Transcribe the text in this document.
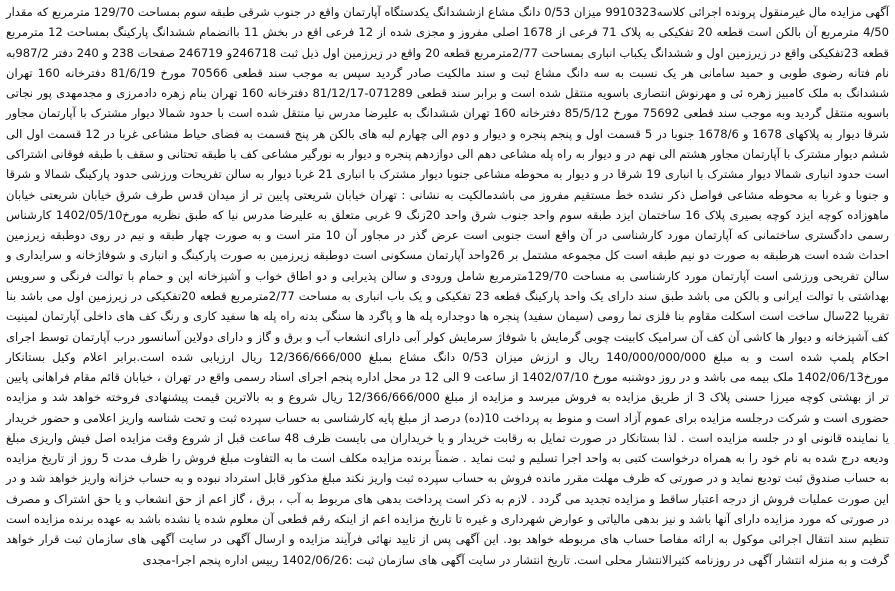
آگهی مزایده مال غیرمنقول پرونده اجرائی کلاسه9910323 میزان 0/53 دانگ مشاع ازششدانگ یکدستگاه آپارتمان واقع در جنوب شرقی طبقه سوم بمساحت 129/70 مترمربع که مقدار 4/50 مترمربع آن بالکن است قطعه 20 تفکیکی به پلاک 71 فرعی از 1678 اصلی مفروز و مجزی شده از 12 فرعی اقع در بخش 11 باانضمام ششدانگ پارکینگ بمساحت 12 مترمربع قطعه 23تفکیکی واقع در زیرزمین اول و ششدانگ یکباب انباری بمساحت 2/77مترمربع قطعه 20 واقع در زیرزمین اول ذیل ثبت 246718و 246719 صفحات 238 و 240 دفتر 987/2به نام فتانه رضوی طوبی و حمید سامانی هر یک نسبت به سه دانگ مشاع ثبت و سند مالکیت صادر گردید سپس به موجب سند قطعی 70566 مورخ 81/6/19 دفترخانه 160 تهران ششدانگ به ملک کامبیز زهره ئی و مهرنوش انتصاری باسویه منتقل شده است و برابر سند قطعی 071289-81/12/17 دفترخانه 160 تهران بنام زهره دادمرزی و مجدمهدی پور نجاتی باسویه منتقل گردید وبه موجب سند قطعی 75692 مورخ 85/5/12 دفترخانه 160 تهران ششدانگ به علیرضا مدرس نیا منتقل شده است با حدود شمالا دیوار مشترک با آپارتمان مجاور شرقا دیوار به پلاکهای 1678 و 1678/6 جنوبا در 5 قسمت اول و پنجم پنجره و دیوار و دوم الی چهارم لبه های بالکن هر پنج قسمت به فضای حیاط مشاعی غربا در 12 قسمت اول الی ششم دیوار مشترک با آپارتمان مجاور هشتم الی نهم در و دیوار به راه پله مشاعی دهم الی دوازدهم پنجره و دیوار به نورگیر مشاعی کف با طبقه تحتانی و سقف با طبقه فوقانی اشتراکی است حدود انباری شمالا دیوار مشترک با انباری 19 شرقا در و دیوار به محوطه مشاعی جنوبا دیوار مشترک با انباری 21 غربا دیوار به سالن تفریحات ورزشی حدود پارکینگ شمالا و شرقا و جنوبا و غربا به محوطه مشاعی فواصل ذکر نشده خط مستقیم مفروز می باشدمالکیت به نشانی : تهران خیابان شریعتی پایین تر از میدان قدس طرف شرق خیابان شریعتی خیابان ماهوزاده کوچه ایزد کوچه بصیری پلاک 16 ساختمان ایزد طبقه سوم واحد جنوب شرق واحد 20زنگ 9 غربی متعلق به علیرضا مدرس نیا که طبق نظریه مورخ1402/05/10 کارشناس رسمی دادگستری ساختمانی که آپارتمان مورد کارشناسی در آن واقع است جنوبی است عرض گذر در مجاور آن 10 متر است و به صورت چهار طبقه و نیم در روی دوطبقه زیرزمین احداث شده است هرطبقه به صورت دو نیم طبقه است کل مجموعه مشتمل بر 26واحد آپارتمان مسکونی است دوطبقه زیرزمین به صورت پارکینگ و انباری و شوفاژخانه و سرایداری و سالن تفریحی ورزشی است آپارتمان مورد کارشناسی به مساحت 129/70مترمربع شامل ورودی و سالن پذیرایی و دو اطاق خواب و آشپزخانه اپن و حمام با توالت فرنگی و سرویس بهداشتی با توالت ایرانی و بالکن می باشد طبق سند دارای یک واحد پارکینگ قطعه 23 تفکیکی و یک باب انباری به مساحت 2/77مترمربع قطعه 20تفکیکی در زیرزمین اول می باشد بنا تقریبا 22سال ساخت است اسکلت مقاوم بنا فلزی نما رومی (سیمان سفید) پنجره ها دوجداره پله ها و پاگرد ها سنگی بدنه راه پله ها سفید کاری و رنگ کف های داخلی آپارتمان لمینیت کف آشپزخانه و دیوار ها کاشی آن کف آن سرامیک کابینت چوبی گرمایش با شوفاژ سرمایش کولر آبی دارای انشعاب آب و برق و گاز و دارای دولاین آسانسور درب آپارتمان توسط اجرای احکام پلمپ شده است و به مبلغ 140/000/000/000 ریال و ارزش میزان 0/53 دانگ مشاع بمبلغ 12/366/666/000 ریال ارزیابی شده است.برابر اعلام وکیل بستانکار مورخ1402/06/13 ملک بیمه می باشد و در روز دوشنبه مورخ 1402/07/10 از ساعت 9 الی 12 در محل اداره پنجم اجرای اسناد رسمی واقع در تهران ، خیابان قائم مقام فراهانی پایین تر از بهشتی کوچه میرزا حسنی پلاک 3 از طریق مزایده به فروش میرسد و مزایده از مبلغ 12/366/666/000 ریال شروع و به بالاترین قیمت پیشنهادی فروخته خواهد شد و مزایده حضوری است و شرکت درجلسه مزایده برای عموم آزاد است و منوط به پرداخت 10(ده) درصد از مبلغ پایه کارشناسی به حساب سپرده ثبت و تحت شناسه واریز اعلامی و حضور خریدار یا نماینده قانونی او در جلسه مزایده است . لذا بستانکار در صورت تمایل به رقابت خریدار و یا خریداران می بایست ظرف 48 ساعت قبل از شروع وقت مزایده اصل فیش واریزی مبلغ ودیعه درج شده به نام خود را به همراه درخواست کتبی به واحد اجرا تسلیم و ثبت نماید . ضمناً برنده مزایده مکلف است ما به التفاوت مبلغ فروش را ظرف مدت 5 روز از تاریخ مزایده به حساب صندوق ثبت تودیع نماید و در صورتی که ظرف مهلت مقرر مانده فروش به حساب سپرده ثبت واریز نکند مبلغ مذکور قابل استرداد نبوده و به حساب خزانه واریز خواهد شد و در این صورت عملیات فروش از درجه اعتبار ساقط و مزایده تجدید می گردد . لازم به ذکر است پرداخت بدهی های مربوط به آب ، برق ، گاز اعم از حق انشعاب و یا حق اشتراک و مصرف در صورتی که مورد مزایده دارای آنها باشد و نیز بدهی مالیاتی و عوارض شهرداری و غیره تا تاریخ مزایده اعم از اینکه رقم قطعی آن معلوم شده یا نشده باشد به عهده برنده مزایده است تنظیم سند انتقال اجرائی موکول به ارائه مفاصا حساب های مربوطه خواهد بود. این آگهی پس از تایید نهائی فرآیند مزایده و ارسال آگهی در سایت آگهی های سازمان ثبت قرار خواهد گرفت و به منزله انتشار آگهی در روزنامه کثیرالانتشار محلی است. تاریخ انتشار در سایت آگهی های سازمان ثبت :1402/06/26 رییس اداره پنجم اجرا-مجدی
